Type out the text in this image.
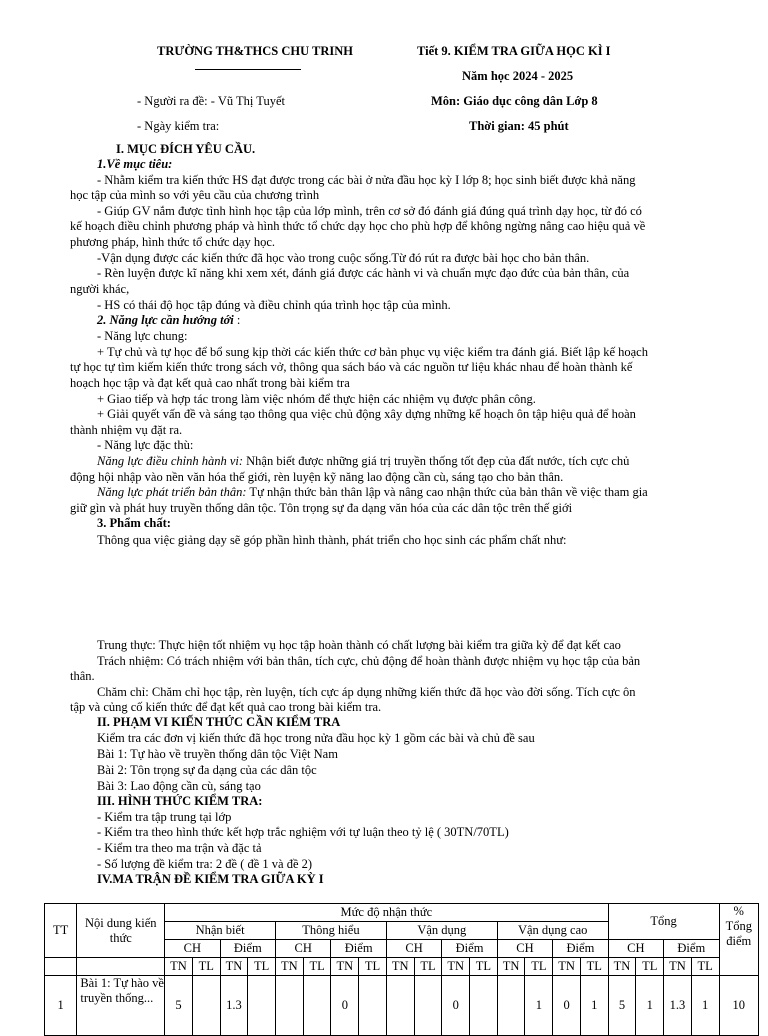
TRƯỜNG TH&THCS CHU TRINH	Tiết 9. KIỂM TRA GIỮA HỌC KÌ I
Năm học 2024 - 2025
- Người ra đề: - Vũ Thị Tuyết	Môn: Giáo dục công dân Lớp 8
- Ngày kiểm tra:	Thời gian: 45 phút
I. MỤC ĐÍCH YÊU CẦU.
1.Về mục tiêu:
- Nhằm kiểm tra kiến thức HS đạt được trong các bài ở nửa đầu học kỳ I lớp 8; học sinh biết được khả năng
học tập của mình so với yêu cầu của chương trình
- Giúp GV nắm được tình hình học tập của lớp mình, trên cơ sở đó đánh giá đúng quá trình dạy học, từ đó có
kế hoạch điều chỉnh phương pháp và hình thức tổ chức dạy học cho phù hợp để không ngừng nâng cao hiệu quả về
phương pháp, hình thức tổ chức dạy học.
-Vận dụng được các kiến thức đã học vào trong cuộc sống.Từ đó rút ra được bài học cho bản thân.
- Rèn luyện được kĩ năng khi xem xét, đánh giá được các hành vi và chuẩn mực đạo đức của bản thân, của
người khác,
- HS có thái độ học tập đúng và điều chỉnh qúa trình học tập của mình.
2. Năng lực cần hướng tới :
- Năng lực chung:
+ Tự chủ và tự học để bổ sung kịp thời các kiến thức cơ bản phục vụ việc kiểm tra đánh giá. Biết lập kế hoạch
tự học tự tìm kiếm kiến thức trong sách vở, thông qua sách báo và các nguồn tư liệu khác nhau để hoàn thành kế
hoạch học tập và đạt kết quả cao nhất trong bài kiểm tra
+ Giao tiếp và hợp tác trong làm việc nhóm để thực hiện các nhiệm vụ được phân công.
+ Giải quyết vấn đề và sáng tạo thông qua việc chủ động xây dựng những kế hoạch ôn tập hiệu quả để hoàn
thành nhiệm vụ đặt ra.
- Năng lực đặc thù:
Năng lực điều chỉnh hành vi: Nhận biết được những giá trị truyền thống tốt đẹp của đất nước, tích cực chủ
động hội nhập vào nền văn hóa thế giới, rèn luyện kỹ năng lao động cần cù, sáng tạo cho bản thân.
Năng lực phát triển bản thân: Tự nhận thức bản thân lập và nâng cao nhận thức của bản thân về việc tham gia
giữ gìn và phát huy truyền thống dân tộc. Tôn trọng sự đa dạng văn hóa của các dân tộc trên thế giới
3. Phẩm chất:
Thông qua việc giảng dạy sẽ góp phần hình thành, phát triển cho học sinh các phẩm chất như:
Trung thực: Thực hiện tốt nhiệm vụ học tập hoàn thành có chất lượng bài kiểm tra giữa kỳ để đạt kết cao
Trách nhiệm: Có trách nhiệm với bản thân, tích cực, chủ động để hoàn thành được nhiệm vụ học tập của bản
thân.
Chăm chỉ: Chăm chỉ học tập, rèn luyện, tích cực áp dụng những kiến thức đã học vào đời sống. Tích cực ôn
tập và củng cố kiến thức để đạt kết quả cao trong bài kiểm tra.
II. PHẠM VI KIẾN THỨC CẦN KIỂM TRA
Kiểm tra các đơn vị kiến thức đã học trong nửa đầu học kỳ 1 gồm các bài và chủ đề sau
Bài 1: Tự hào về truyền thống dân tộc Việt Nam
Bài 2: Tôn trọng sự đa dạng của các dân tộc
Bài 3: Lao động cần cù, sáng tạo
III. HÌNH THỨC KIỂM TRA:
- Kiểm tra tập trung tại lớp
- Kiểm tra theo hình thức kết hợp trắc nghiệm với tự luận theo tỷ lệ ( 30TN/70TL)
- Kiểm tra theo ma trận và đặc tả
- Số lượng đề kiểm tra: 2 đề ( đề 1 và đề 2)
IV.MA TRẬN ĐỀ KIỂM TRA GIỮA KỲ I
TT	Nội dung kiến thức	Mức độ nhận thức																Tổng				% Tổng điểm
		Nhận biết				Thông hiểu				Vận dụng				Vận dụng cao								
		CH		Điểm		CH		Điểm		CH		Điểm		CH		Điểm		CH		Điểm		
		TN	TL	TN	TL	TN	TL	TN	TL	TN	TL	TN	TL	TN	TL	TN	TL	TN	TL	TN	TL	
1	Bài 1: Tự hào về truyền thống...	5		1.3				0				0			1	0	1	5	1	1.3	1	10
